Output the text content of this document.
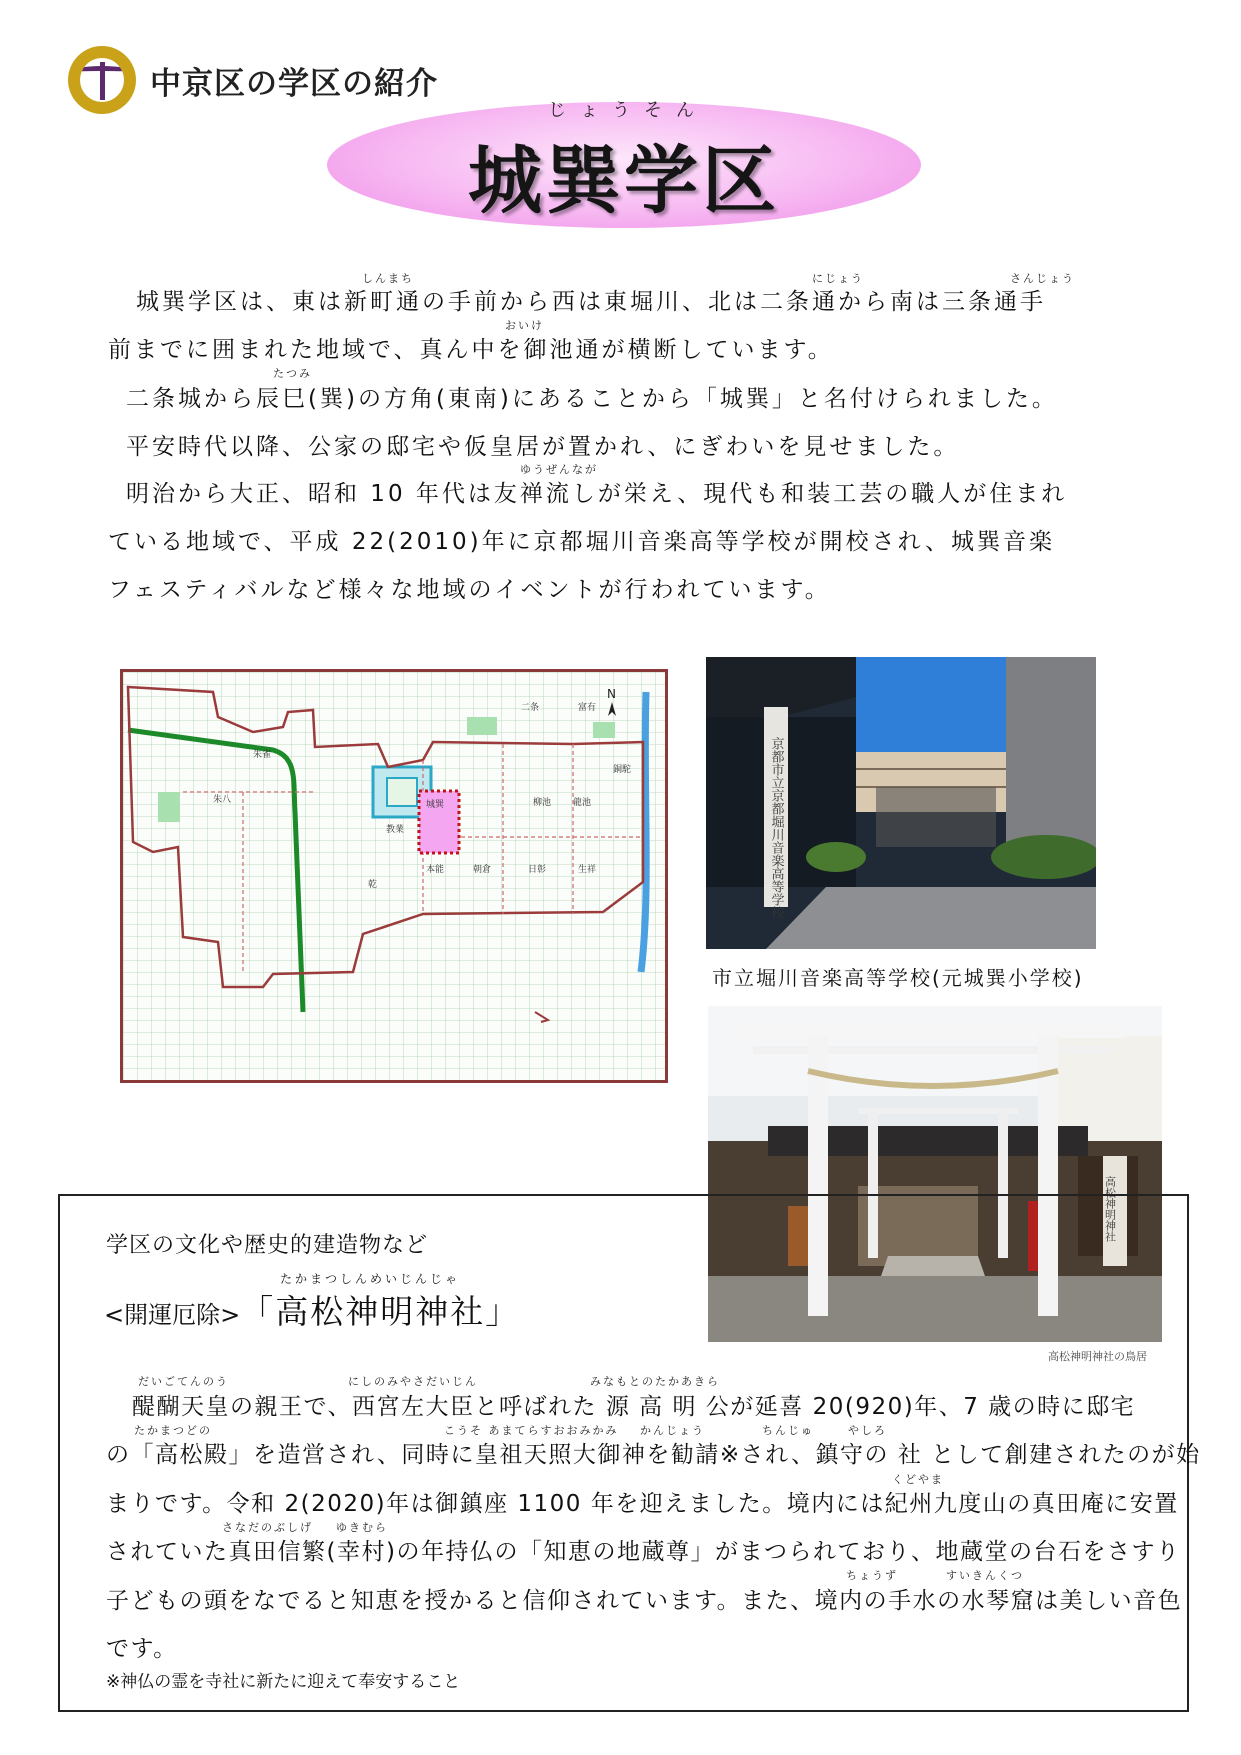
中京区の学区の紹介
じょうそん
城巽学区
しんまち	にじょう	さんじょう
城巽学区は、東は新町通の手前から西は東堀川、北は二条通から南は三条通手
おいけ
前までに囲まれた地域で、真ん中を御池通が横断しています。
たつみ
二条城から辰巳(巽)の方角(東南)にあることから「城巽」と名付けられました。
平安時代以降、公家の邸宅や仮皇居が置かれ、にぎわいを見せました。
ゆうぜんなが
明治から大正、昭和 10 年代は友禅流しが栄え、現代も和装工芸の職人が住まれ
ている地域で、平成 22(2010)年に京都堀川音楽高等学校が開校され、城巽音楽
フェスティバルなど様々な地域のイベントが行われています。
城巽
二条
教業
本能	朝倉	日彰
柳池 龍池
銅駝
生祥
朱雀
朱八
乾
富有
N
京都市立京都堀川音楽高等学校
市立堀川音楽高等学校(元城巽小学校)
高松神明神社
高松神明神社の鳥居
学区の文化や歴史的建造物など
たかまつしんめいじんじゃ
<開運厄除>「高松神明神社」
だいごてんのう	にしのみやさだいじん	みなもとのたかあきら
醍醐天皇の親王で、西宮左大臣と呼ばれた 源 高 明 公が延喜 20(920)年、7 歳の時に邸宅
たかまつどの	こうそ あまてらすおおみかみ かんじょう	ちんじゅ	やしろ
の「高松殿」を造営され、同時に皇祖天照大御神を勧請※され、鎮守の 社 として創建されたのが始
くどやま
まりです。令和 2(2020)年は御鎮座 1100 年を迎えました。境内には紀州九度山の真田庵に安置
さなだのぶしげ ゆきむら
されていた真田信繁(幸村)の年持仏の「知恵の地蔵尊」がまつられており、地蔵堂の台石をさすり
ちょうず	すいきんくつ
子どもの頭をなでると知恵を授かると信仰されています。また、境内の手水の水琴窟は美しい音色
です。
※神仏の霊を寺社に新たに迎えて奉安すること
